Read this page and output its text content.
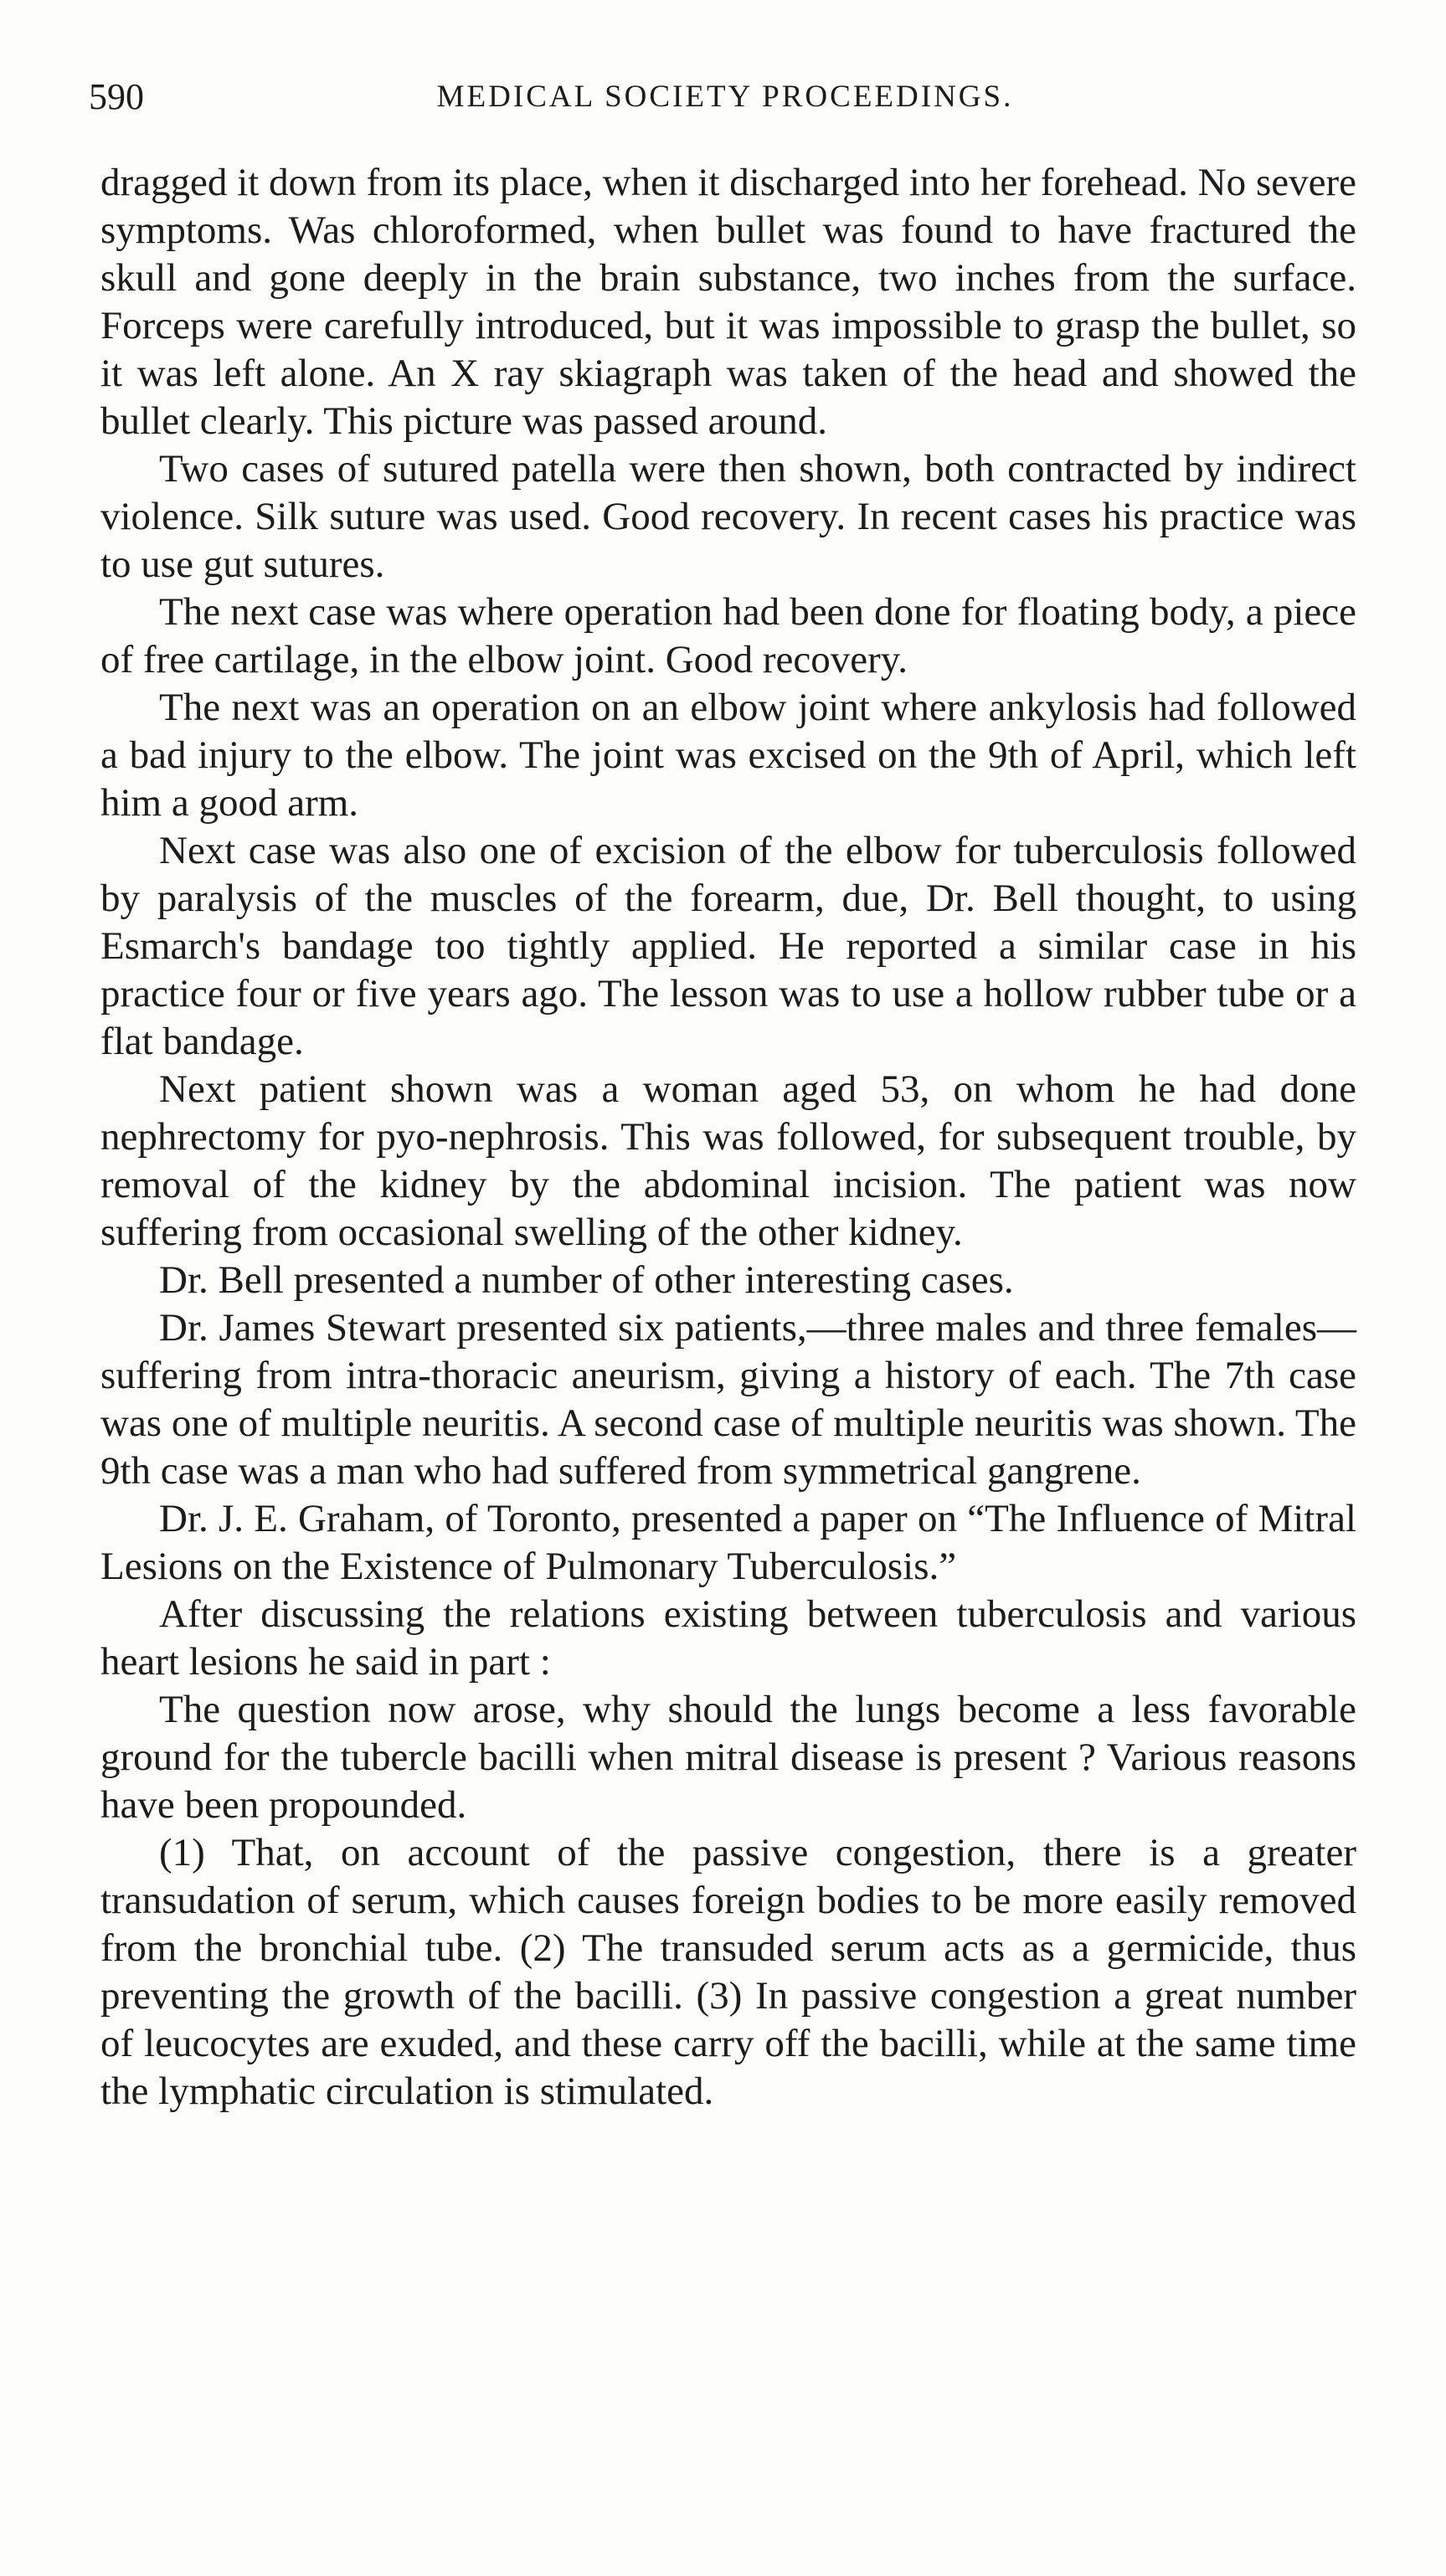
590	MEDICAL SOCIETY PROCEEDINGS.

dragged it down from its place, when it discharged into her forehead. No severe symptoms. Was chloroformed, when bullet was found to have fractured the skull and gone deeply in the brain substance, two inches from the surface. Forceps were carefully introduced, but it was impossible to grasp the bullet, so it was left alone. An X ray skiagraph was taken of the head and showed the bullet clearly. This picture was passed around.

Two cases of sutured patella were then shown, both contracted by indirect violence. Silk suture was used. Good recovery. In recent cases his practice was to use gut sutures.

The next case was where operation had been done for floating body, a piece of free cartilage, in the elbow joint. Good recovery.

The next was an operation on an elbow joint where ankylosis had followed a bad injury to the elbow. The joint was excised on the 9th of April, which left him a good arm.

Next case was also one of excision of the elbow for tuberculosis followed by paralysis of the muscles of the forearm, due, Dr. Bell thought, to using Esmarch's bandage too tightly applied. He reported a similar case in his practice four or five years ago. The lesson was to use a hollow rubber tube or a flat bandage.

Next patient shown was a woman aged 53, on whom he had done nephrectomy for pyo-nephrosis. This was followed, for subsequent trouble, by removal of the kidney by the abdominal incision. The patient was now suffering from occasional swelling of the other kidney.

Dr. Bell presented a number of other interesting cases.

Dr. James Stewart presented six patients,—three males and three females—suffering from intra-thoracic aneurism, giving a history of each. The 7th case was one of multiple neuritis. A second case of multiple neuritis was shown. The 9th case was a man who had suffered from symmetrical gangrene.

Dr. J. E. Graham, of Toronto, presented a paper on “The Influence of Mitral Lesions on the Existence of Pulmonary Tuberculosis.”

After discussing the relations existing between tuberculosis and various heart lesions he said in part :

The question now arose, why should the lungs become a less favorable ground for the tubercle bacilli when mitral disease is present ? Various reasons have been propounded.

(1) That, on account of the passive congestion, there is a greater transudation of serum, which causes foreign bodies to be more easily removed from the bronchial tube. (2) The transuded serum acts as a germicide, thus preventing the growth of the bacilli. (3) In passive congestion a great number of leucocytes are exuded, and these carry off the bacilli, while at the same time the lymphatic circulation is stimulated.
